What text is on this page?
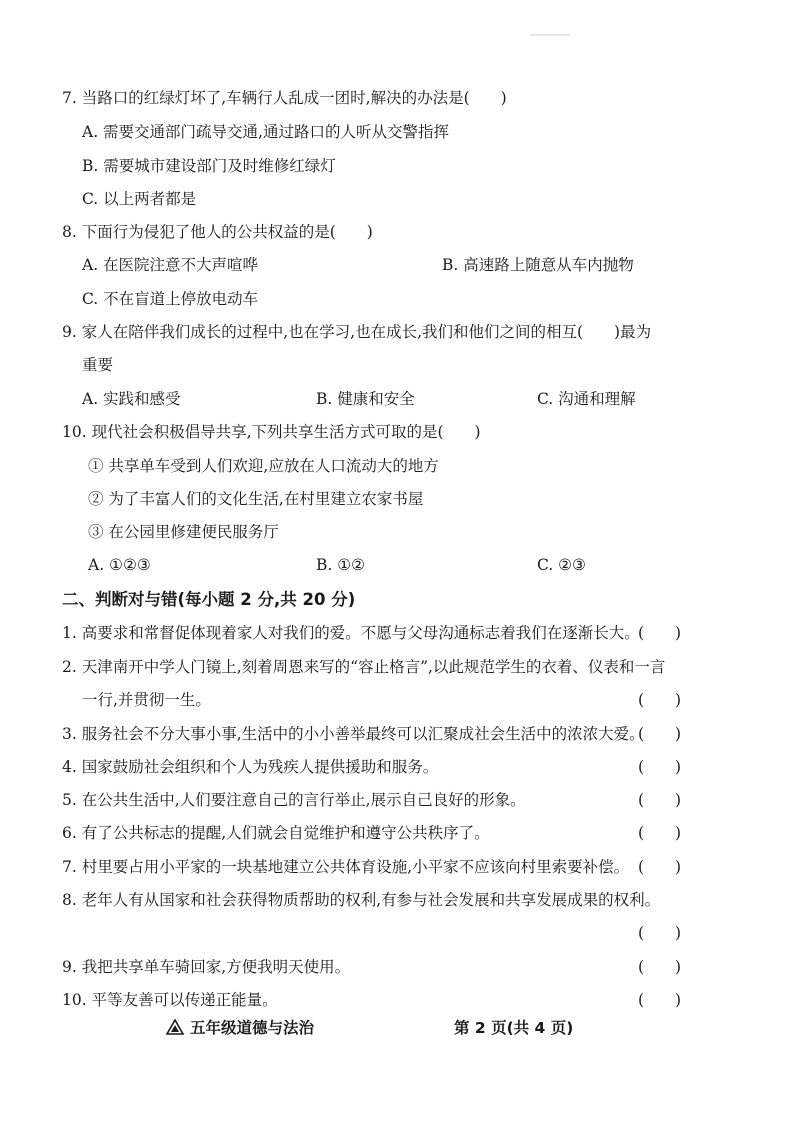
7. 当路口的红绿灯坏了,车辆行人乱成一团时,解决的办法是(　　)
A. 需要交通部门疏导交通,通过路口的人听从交警指挥
B. 需要城市建设部门及时维修红绿灯
C. 以上两者都是
8. 下面行为侵犯了他人的公共权益的是(　　)
A. 在医院注意不大声喧哗	B. 高速路上随意从车内抛物
C. 不在盲道上停放电动车
9. 家人在陪伴我们成长的过程中,也在学习,也在成长,我们和他们之间的相互(　　)最为
重要
A. 实践和感受	B. 健康和安全	C. 沟通和理解
10. 现代社会积极倡导共享,下列共享生活方式可取的是(　　)
① 共享单车受到人们欢迎,应放在人口流动大的地方
② 为了丰富人们的文化生活,在村里建立农家书屋
③ 在公园里修建便民服务厅
A. ①②③	B. ①②	C. ②③
二、判断对与错(每小题 2 分,共 20 分)
1. 高要求和常督促体现着家人对我们的爱。不愿与父母沟通标志着我们在逐渐长大。
(　　)
2. 天津南开中学人门镜上,刻着周恩来写的“容止格言”,以此规范学生的衣着、仪表和一言
一行,并贯彻一生。	(　　)
3. 服务社会不分大事小事,生活中的小小善举最终可以汇聚成社会生活中的浓浓大爱。
(　　)
4. 国家鼓励社会组织和个人为残疾人提供援助和服务。	(　　)
5. 在公共生活中,人们要注意自己的言行举止,展示自己良好的形象。	(　　)
6. 有了公共标志的提醒,人们就会自觉维护和遵守公共秩序了。	(　　)
7. 村里要占用小平家的一块基地建立公共体育设施,小平家不应该向村里索要补偿。 (　　)
8. 老年人有从国家和社会获得物质帮助的权利,有参与社会发展和共享发展成果的权利。
(　　)
9. 我把共享单车骑回家,方便我明天使用。	(　　)
10. 平等友善可以传递正能量。	(　　)
五年级道德与法治	第 2 页(共 4 页)
